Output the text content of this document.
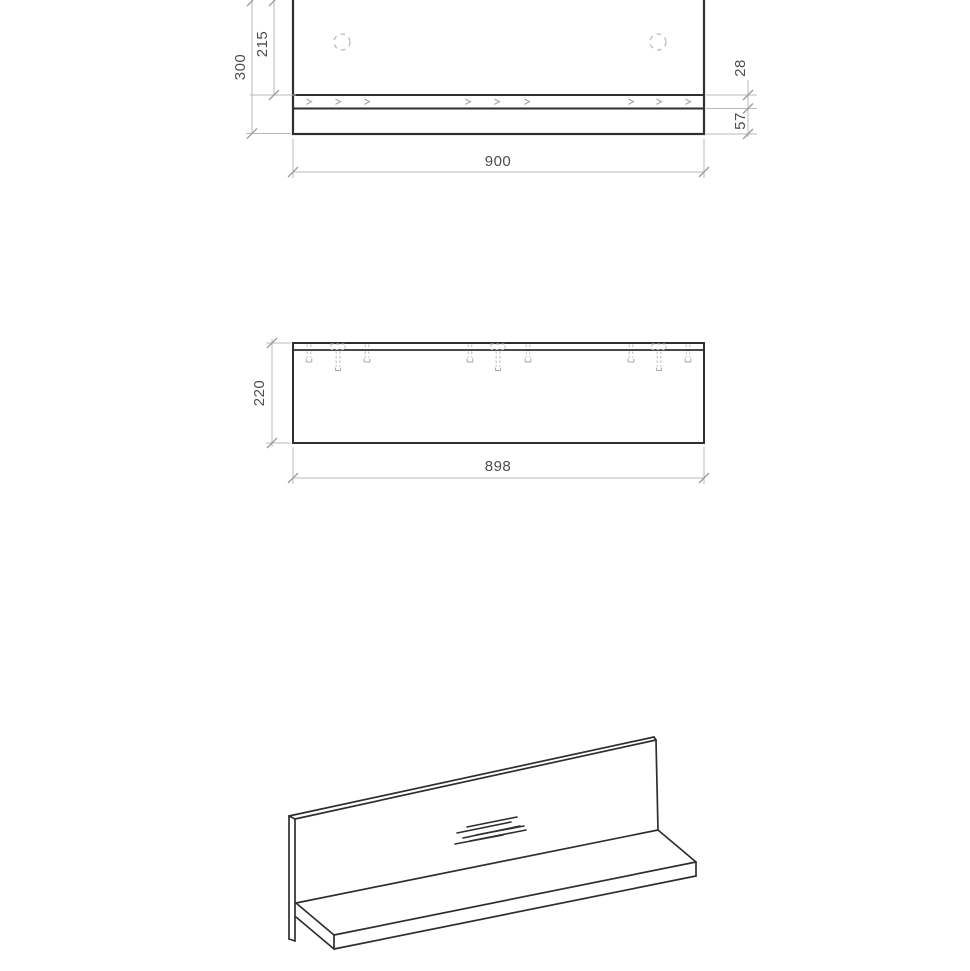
300
215
28
57
900
220
898
